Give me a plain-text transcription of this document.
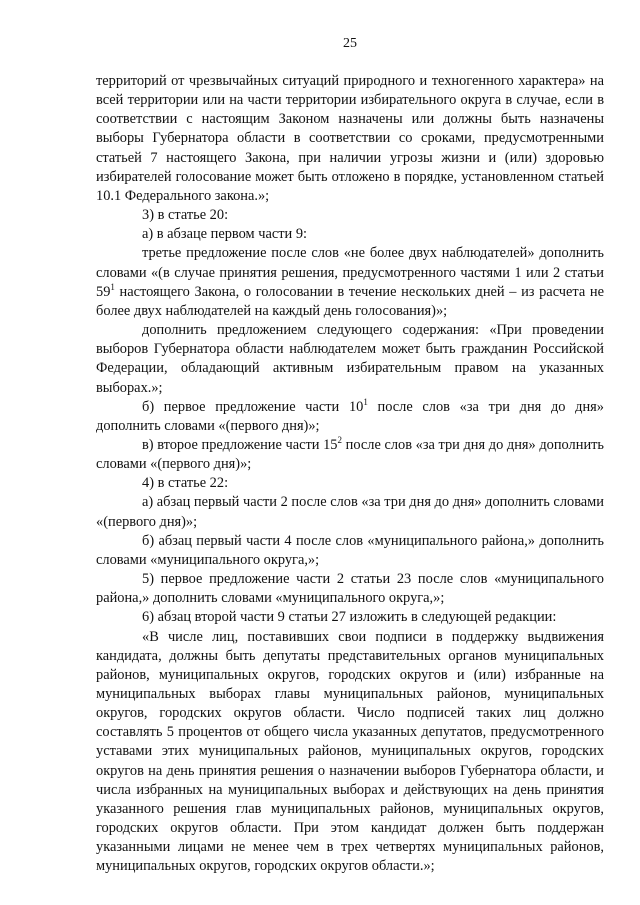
25

территорий от чрезвычайных ситуаций природного и техногенного характера» на всей территории или на части территории избирательного округа в случае, если в соответствии с настоящим Законом назначены или должны быть назначены выборы Губернатора области в соответствии со сроками, предусмотренными статьей 7 настоящего Закона, при наличии угрозы жизни и (или) здоровью избирателей голосование может быть отложено в порядке, установленном статьей 10.1 Федерального закона.»;

3) в статье 20:

а) в абзаце первом части 9:

третье предложение после слов «не более двух наблюдателей» дополнить словами «(в случае принятия решения, предусмотренного частями 1 или 2 статьи $59^1$ настоящего Закона, о голосовании в течение нескольких дней – из расчета не более двух наблюдателей на каждый день голосования)»;

дополнить предложением следующего содержания: «При проведении выборов Губернатора области наблюдателем может быть гражданин Российской Федерации, обладающий активным избирательным правом на указанных выборах.»;

б) первое предложение части $10^1$ после слов «за три дня до дня» дополнить словами «(первого дня)»;

в) второе предложение части $15^2$ после слов «за три дня до дня» дополнить словами «(первого дня)»;

4) в статье 22:

а) абзац первый части 2 после слов «за три дня до дня» дополнить словами «(первого дня)»;

б) абзац первый части 4 после слов «муниципального района,» дополнить словами «муниципального округа,»;

5) первое предложение части 2 статьи 23 после слов «муниципального района,» дополнить словами «муниципального округа,»;

6) абзац второй части 9 статьи 27 изложить в следующей редакции:

«В числе лиц, поставивших свои подписи в поддержку выдвижения кандидата, должны быть депутаты представительных органов муниципальных районов, муниципальных округов, городских округов и (или) избранные на муниципальных выборах главы муниципальных районов, муниципальных округов, городских округов области. Число подписей таких лиц должно составлять 5 процентов от общего числа указанных депутатов, предусмотренного уставами этих муниципальных районов, муниципальных округов, городских округов на день принятия решения о назначении выборов Губернатора области, и числа избранных на муниципальных выборах и действующих на день принятия указанного решения глав муниципальных районов, муниципальных округов, городских округов области. При этом кандидат должен быть поддержан указанными лицами не менее чем в трех четвертях муниципальных районов, муниципальных округов, городских округов области.»;
